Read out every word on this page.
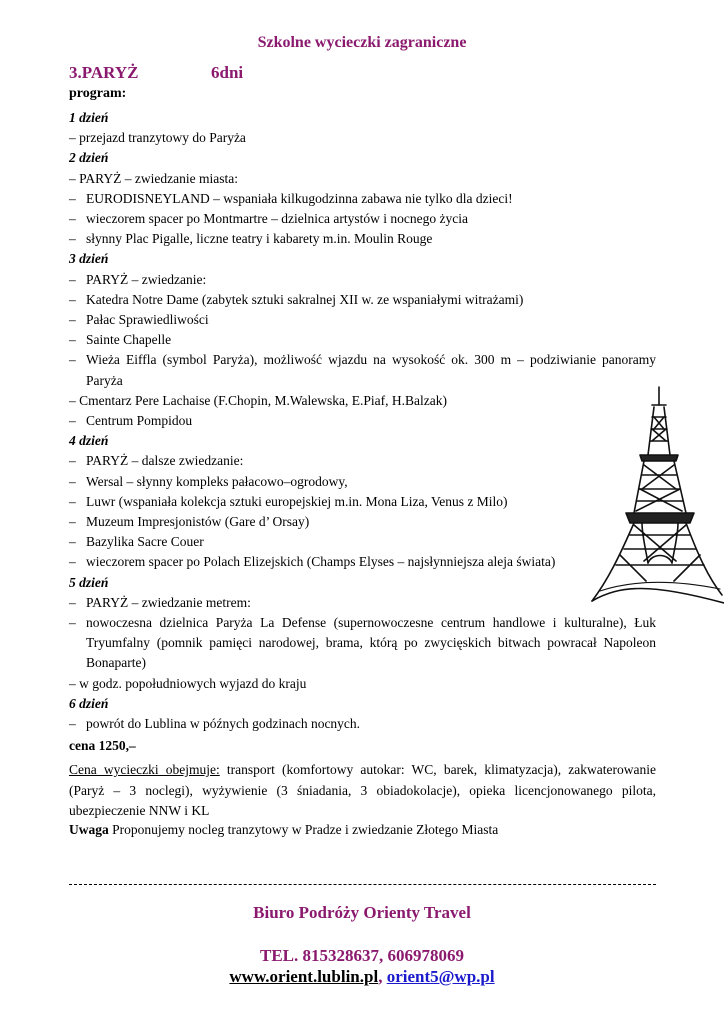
Szkolne wycieczki zagraniczne
3.PARYŻ	6dni
program:
1 dzień
– przejazd tranzytowy do Paryża
2 dzień
– PARYŻ – zwiedzanie miasta:
– EURODISNEYLAND – wspaniała kilkugodzinna zabawa nie tylko dla dzieci!
– wieczorem spacer po Montmartre – dzielnica artystów i nocnego życia
– słynny Plac Pigalle, liczne teatry i kabarety m.in. Moulin Rouge
3 dzień
– PARYŻ – zwiedzanie:
– Katedra Notre Dame (zabytek sztuki sakralnej XII w. ze wspaniałymi witrażami)
– Pałac Sprawiedliwości
– Sainte Chapelle
– Wieża Eiffla (symbol Paryża), możliwość wjazdu na wysokość ok. 300 m – podziwianie panoramy Paryża
– Cmentarz Pere Lachaise (F.Chopin, M.Walewska, E.Piaf, H.Balzak)
– Centrum Pompidou
4 dzień
– PARYŻ – dalsze zwiedzanie:
– Wersal – słynny kompleks pałacowo–ogrodowy,
– Luwr (wspaniała kolekcja sztuki europejskiej m.in. Mona Liza, Venus z Milo)
– Muzeum Impresjonistów (Gare d’ Orsay)
– Bazylika Sacre Couer
– wieczorem spacer po Polach Elizejskich (Champs Elyses – najsłynniejsza aleja świata)
5 dzień
– PARYŻ – zwiedzanie metrem:
– nowoczesna dzielnica Paryża La Defense (supernowoczesne centrum handlowe i kulturalne), Łuk Tryumfalny (pomnik pamięci narodowej, brama, którą po zwycięskich bitwach powracał Napoleon Bonaparte)
– w godz. popołudniowych wyjazd do kraju
6 dzień
– powrót do Lublina w późnych godzinach nocnych.
cena 1250,–
Cena wycieczki obejmuje: transport (komfortowy autokar: WC, barek, klimatyzacja), zakwaterowanie (Paryż – 3 noclegi), wyżywienie (3 śniadania, 3 obiadokolacje), opieka licencjonowanego pilota, ubezpieczenie NNW i KL
Uwaga Proponujemy nocleg tranzytowy w Pradze i zwiedzanie Złotego Miasta
Biuro Podróży Orienty Travel
TEL. 815328637, 606978069
www.orient.lublin.pl, orient5@wp.pl
